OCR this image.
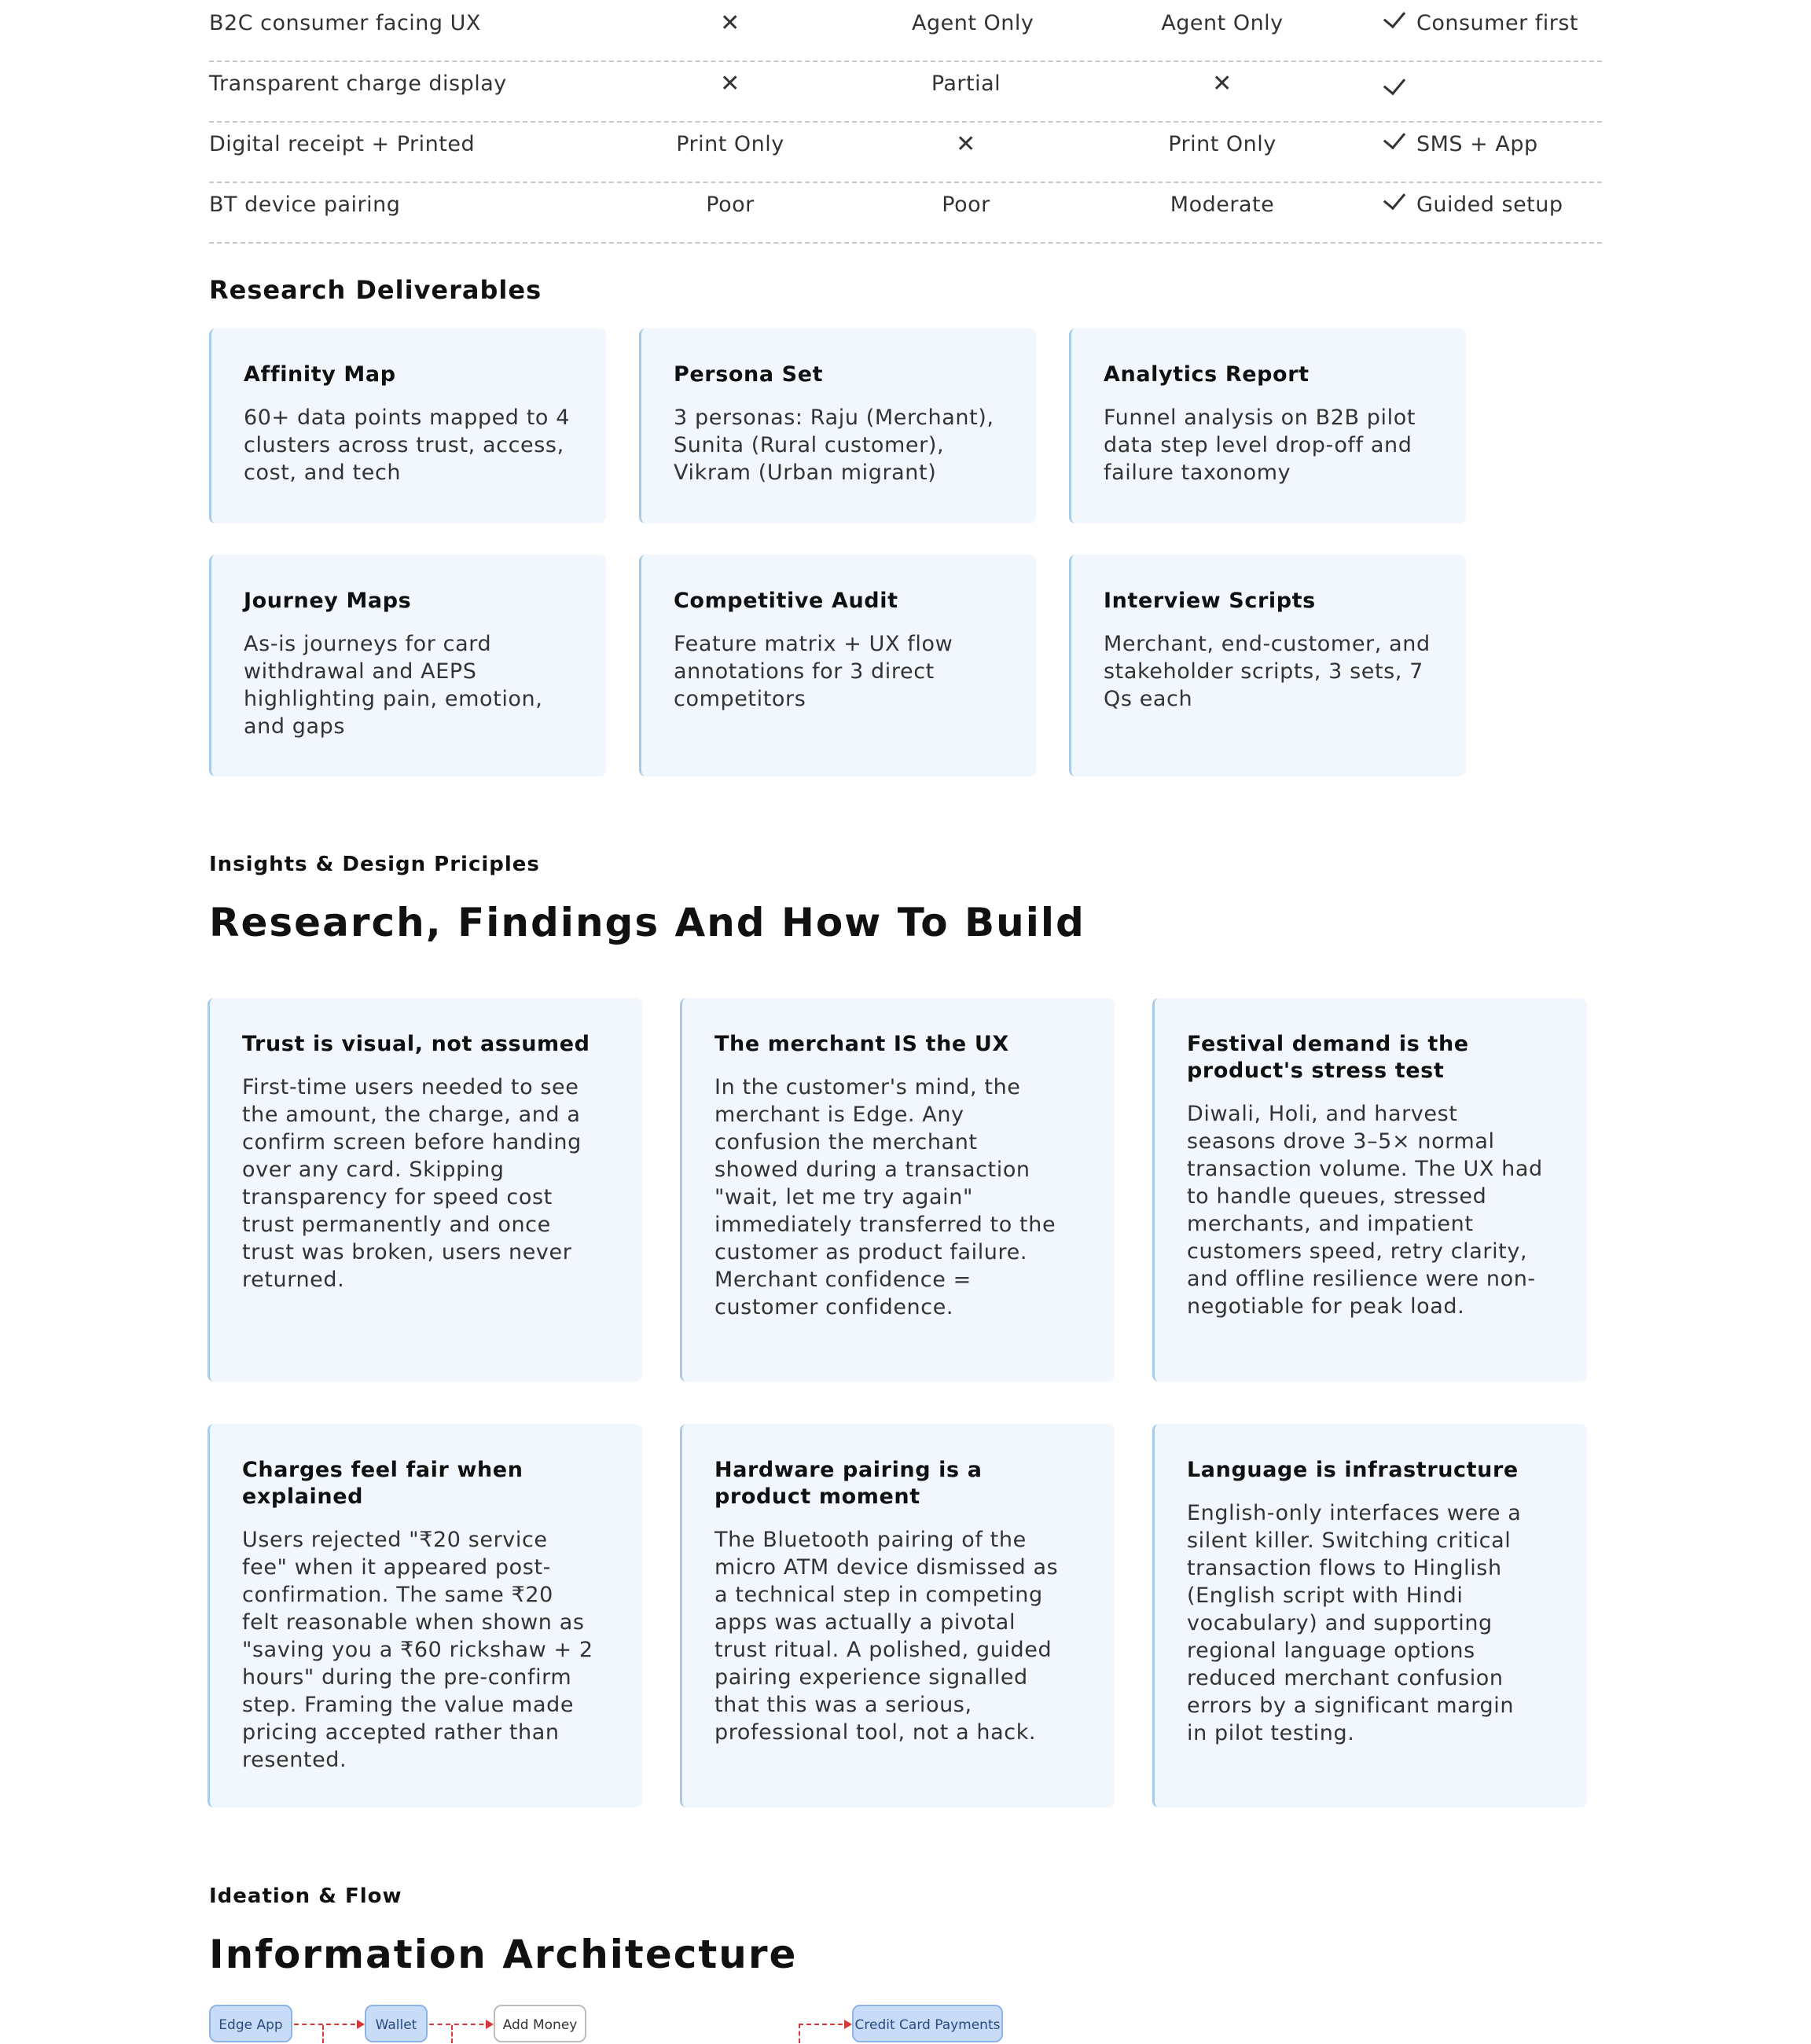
B2C consumer facing UX	✕	Agent Only	Agent Only	Consumer first
Transparent charge display	✕	Partial	✕
Digital receipt + Printed	Print Only	✕	Print Only	SMS + App
BT device pairing	Poor	Poor	Moderate	Guided setup
Research Deliverables
Affinity Map
60+ data points mapped to 4 clusters across trust, access, cost, and tech
Persona Set
3 personas: Raju (Merchant), Sunita (Rural customer), Vikram (Urban migrant)
Analytics Report
Funnel analysis on B2B pilot data step level drop-off and failure taxonomy
Journey Maps
As-is journeys for card withdrawal and AEPS highlighting pain, emotion, and gaps
Competitive Audit
Feature matrix + UX flow annotations for 3 direct competitors
Interview Scripts
Merchant, end-customer, and stakeholder scripts, 3 sets, 7 Qs each
Insights & Design Priciples
Research, Findings And How To Build
Trust is visual, not assumed
First-time users needed to see the amount, the charge, and a confirm screen before handing over any card. Skipping transparency for speed cost trust permanently and once trust was broken, users never returned.
The merchant IS the UX
In the customer's mind, the merchant is Edge. Any confusion the merchant showed during a transaction "wait, let me try again" immediately transferred to the customer as product failure. Merchant confidence = customer confidence.
Festival demand is the product's stress test
Diwali, Holi, and harvest seasons drove 3–5× normal transaction volume. The UX had to handle queues, stressed merchants, and impatient customers speed, retry clarity, and offline resilience were non-negotiable for peak load.
Charges feel fair when explained
Users rejected "₹20 service fee" when it appeared post-confirmation. The same ₹20 felt reasonable when shown as "saving you a ₹60 rickshaw + 2 hours" during the pre-confirm step. Framing the value made pricing accepted rather than resented.
Hardware pairing is a product moment
The Bluetooth pairing of the micro ATM device dismissed as a technical step in competing apps was actually a pivotal trust ritual. A polished, guided pairing experience signalled that this was a serious, professional tool, not a hack.
Language is infrastructure
English-only interfaces were a silent killer. Switching critical transaction flows to Hinglish (English script with Hindi vocabulary) and supporting regional language options reduced merchant confusion errors by a significant margin in pilot testing.
Ideation & Flow
Information Architecture
Edge App	Wallet	Add Money	Credit Card Payments
